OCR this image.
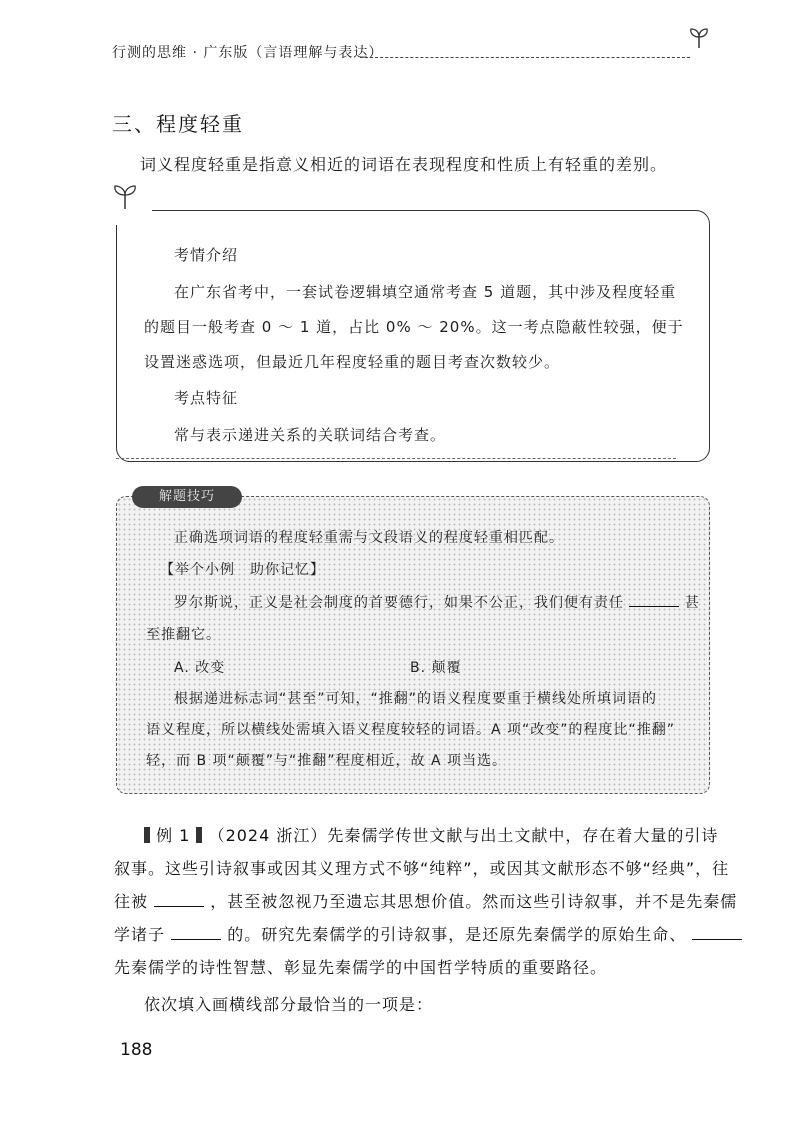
行测的思维 · 广东版（言语理解与表达）
三、程度轻重
词义程度轻重是指意义相近的词语在表现程度和性质上有轻重的差别。
考情介绍
在广东省考中，一套试卷逻辑填空通常考查 5 道题，其中涉及程度轻重
的题目一般考查 0 ～ 1 道，占比 0% ～ 20%。这一考点隐蔽性较强，便于
设置迷惑选项，但最近几年程度轻重的题目考查次数较少。
考点特征
常与表示递进关系的关联词结合考查。
解题技巧
正确选项词语的程度轻重需与文段语义的程度轻重相匹配。
【举个小例　助你记忆】
罗尔斯说，正义是社会制度的首要德行，如果不公正，我们便有责任	甚
至推翻它。
A. 改变	B. 颠覆
根据递进标志词“甚至”可知，“推翻”的语义程度要重于横线处所填词语的
语义程度，所以横线处需填入语义程度较轻的词语。A 项“改变”的程度比“推翻”
轻，而 B 项“颠覆”与“推翻”程度相近，故 A 项当选。
例 1 （2024 浙江）先秦儒学传世文献与出土文献中，存在着大量的引诗
叙事。这些引诗叙事或因其义理方式不够“纯粹”，或因其文献形态不够“经典”，往
往被	，甚至被忽视乃至遗忘其思想价值。然而这些引诗叙事，并不是先秦儒
学诸子	的。研究先秦儒学的引诗叙事，是还原先秦儒学的原始生命、
先秦儒学的诗性智慧、彰显先秦儒学的中国哲学特质的重要路径。
依次填入画横线部分最恰当的一项是：
188
